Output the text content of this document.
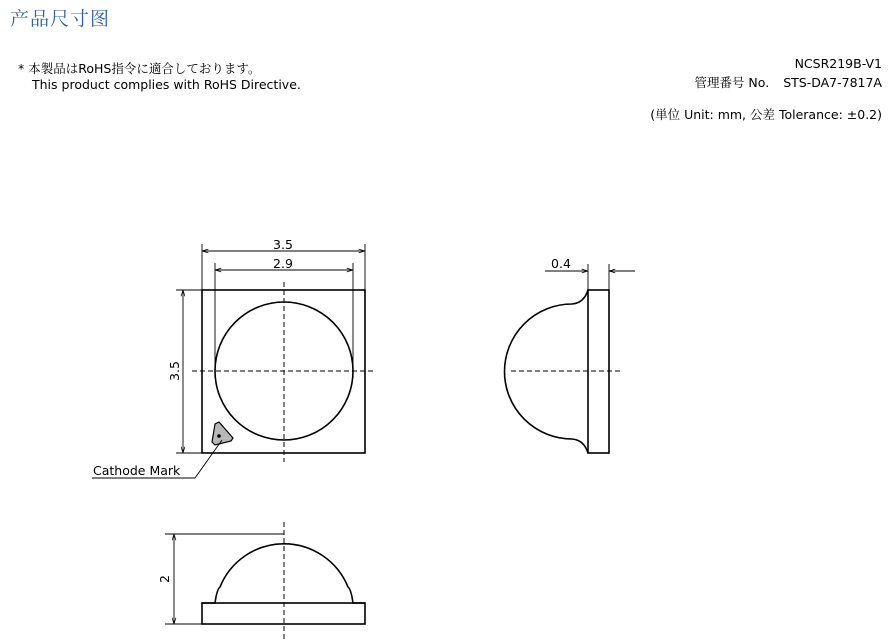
产品尺寸图
* 本製品はRoHS指令に適合しております。
This product complies with RoHS Directive.
NCSR219B-V1
管理番号 No. STS-DA7-7817A
(単位 Unit: mm, 公差 Tolerance: ±0.2)
3.5
2.9
3.5
Cathode Mark
0.4
2
